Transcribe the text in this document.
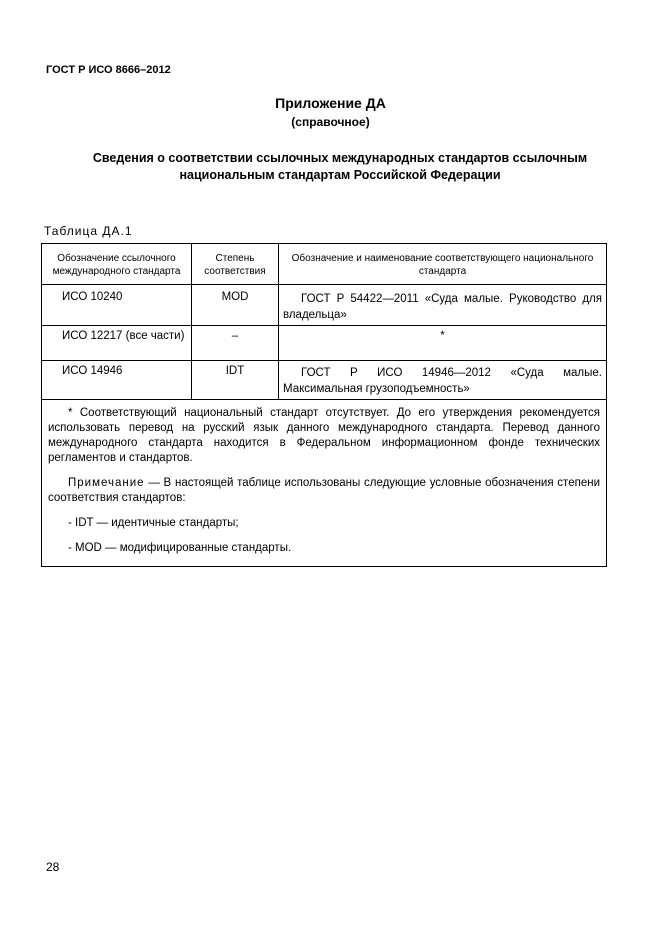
ГОСТ Р ИСО 8666–2012
Приложение ДА
(справочное)
Сведения о соответствии ссылочных международных стандартов ссылочным национальным стандартам Российской Федерации
Таблица ДА.1
Обозначение ссылочного международного стандарта	Степень соответствия	Обозначение и наименование соответствующего национального стандарта
ИСО 10240	MOD	ГОСТ Р 54422—2011 «Суда малые. Руководство для владельца»

ИСО 12217 (все части)	–	*
ИСО 14946	IDT	ГОСТ Р ИСО 14946—2012 «Суда малые. Максимальная грузоподъемность»

* Соответствующий национальный стандарт отсутствует. До его утверждения рекомендуется использовать перевод на русский язык данного международного стандарта. Перевод данного международного стандарта находится в Федеральном информационном фонде технических регламентов и стандартов.

Примечание — В настоящей таблице использованы следующие условные обозначения степени соответствия стандартов:

- IDT — идентичные стандарты;

- MOD — модифицированные стандарты.		

28
